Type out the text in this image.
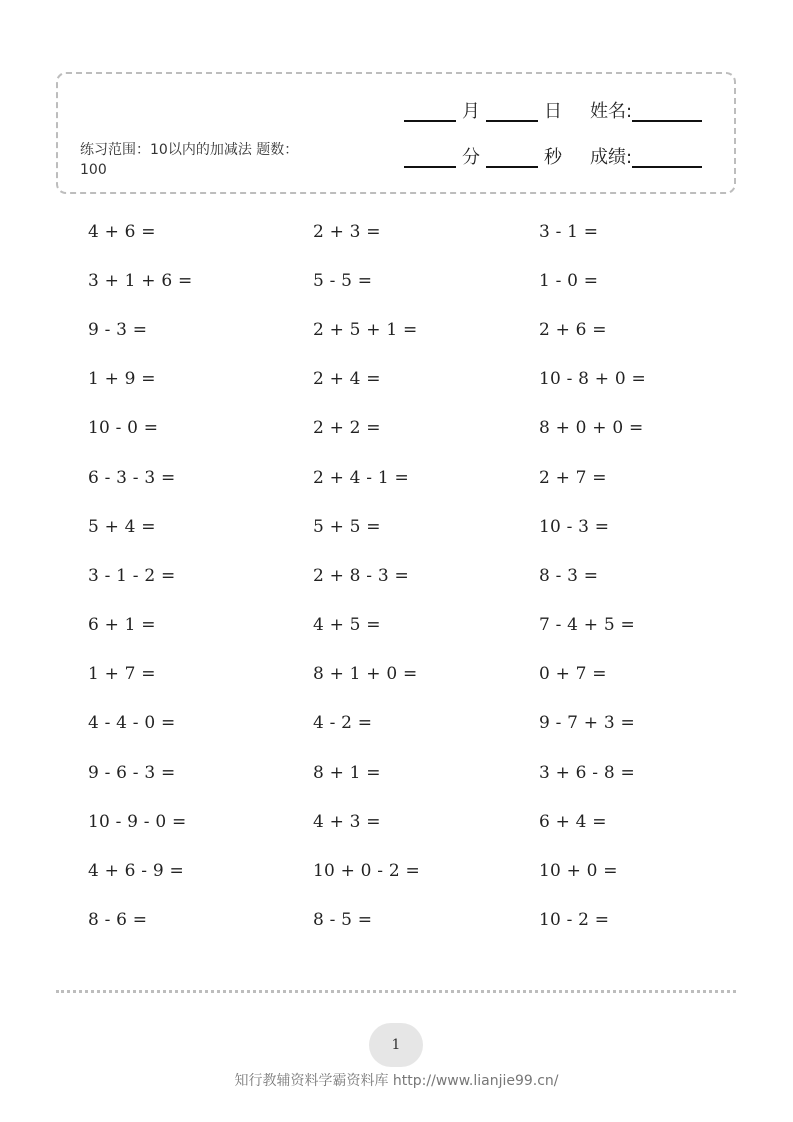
练习范围：10以内的加减法 题数：100
月	日 姓名:
分	秒 成绩:
4 + 6 =	2 + 3 =	3 - 1 =
3 + 1 + 6 =	5 - 5 =	1 - 0 =
9 - 3 =	2 + 5 + 1 =	2 + 6 =
1 + 9 =	2 + 4 =	10 - 8 + 0 =
10 - 0 =	2 + 2 =	8 + 0 + 0 =
6 - 3 - 3 =	2 + 4 - 1 =	2 + 7 =
5 + 4 =	5 + 5 =	10 - 3 =
3 - 1 - 2 =	2 + 8 - 3 =	8 - 3 =
6 + 1 =	4 + 5 =	7 - 4 + 5 =
1 + 7 =	8 + 1 + 0 =	0 + 7 =
4 - 4 - 0 =	4 - 2 =	9 - 7 + 3 =
9 - 6 - 3 =	8 + 1 =	3 + 6 - 8 =
10 - 9 - 0 =	4 + 3 =	6 + 4 =
4 + 6 - 9 =	10 + 0 - 2 =	10 + 0 =
8 - 6 =	8 - 5 =	10 - 2 =
1
知行教辅资料学霸资料库 http://www.lianjie99.cn/
